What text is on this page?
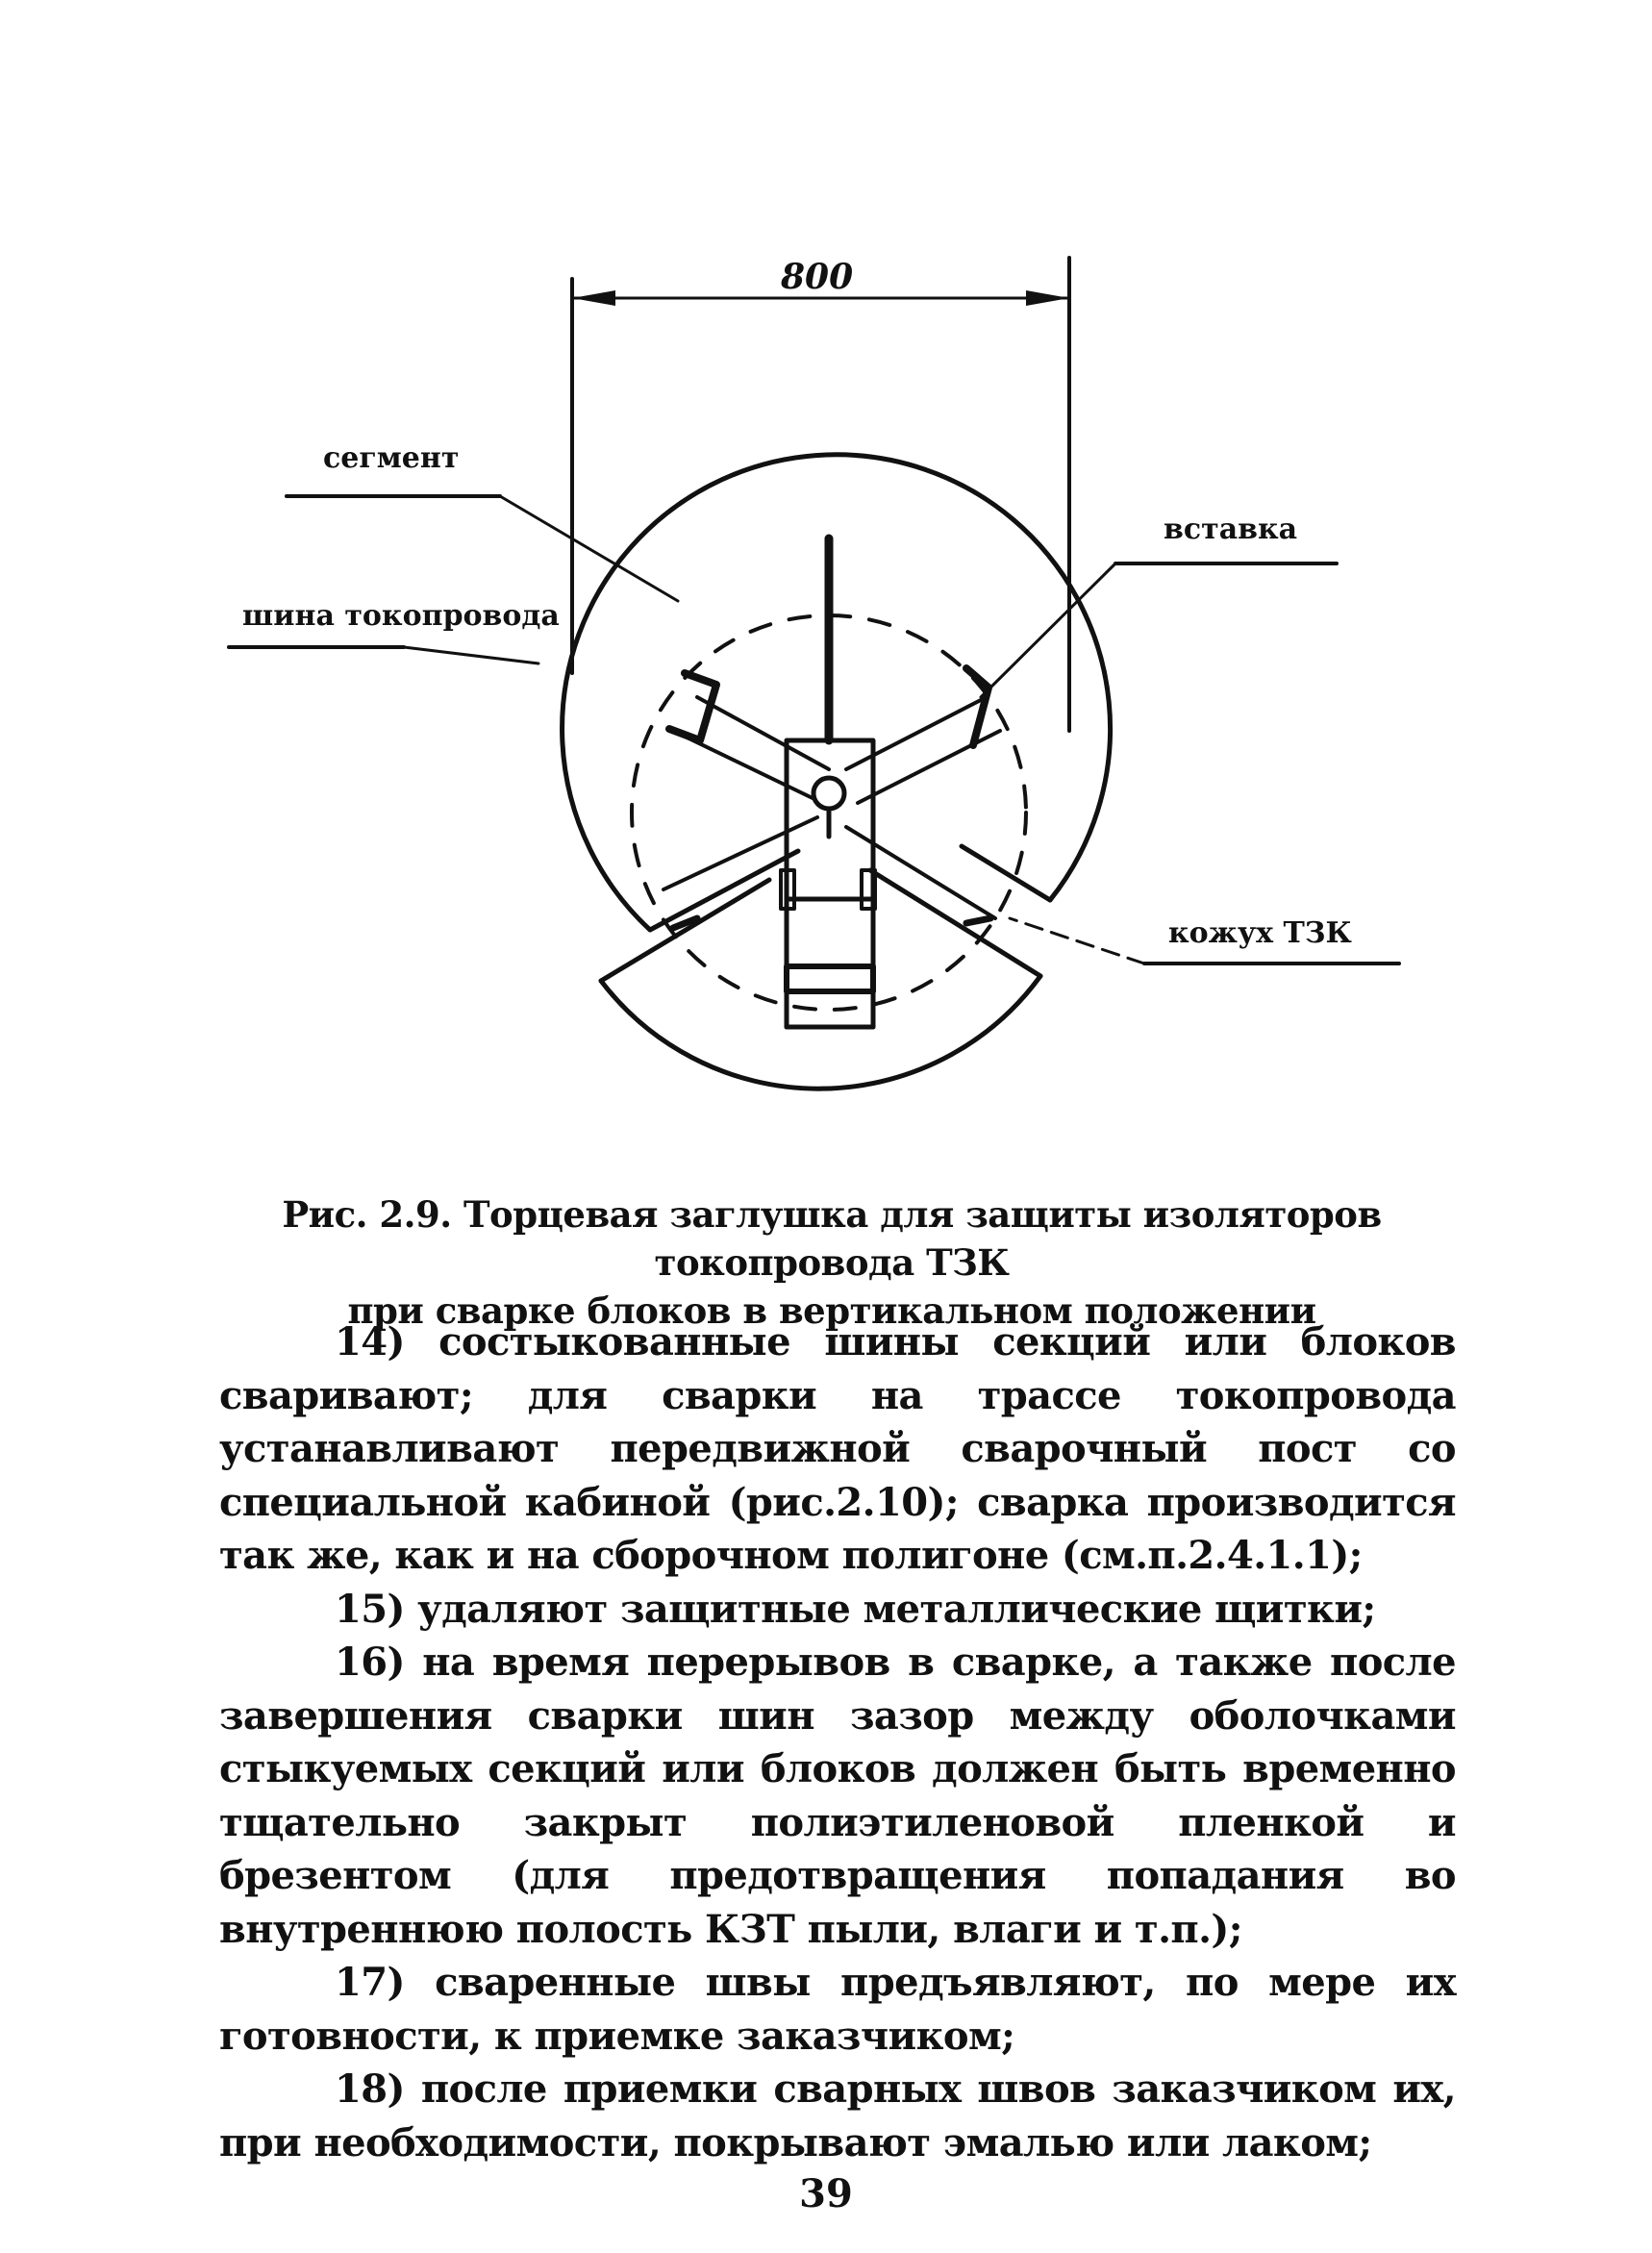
800
сегмент
шина токопровода
вставка
кожух ТЗК
Рис. 2.9. Торцевая заглушка для защиты изоляторов токопровода ТЗК
при сварке блоков в вертикальном положении

14) состыкованные шины секций или блоков сваривают; для сварки на трассе токопровода устанавливают передвижной сварочный пост со специальной кабиной (рис.2.10); сварка производится так же, как и на сборочном полигоне (см.п.2.4.1.1);

15) удаляют защитные металлические щитки;

16) на время перерывов в сварке, а также после завершения сварки шин зазор между оболочками стыкуемых секций или блоков должен быть временно тщательно закрыт полиэтиленовой пленкой и брезентом (для предотвращения попадания во внутреннюю полость КЗТ пыли, влаги и т.п.);

17) сваренные швы предъявляют, по мере их готовности, к приемке заказчиком;

18) после приемки сварных швов заказчиком их, при необходимости, покрывают эмалью или лаком;

39
